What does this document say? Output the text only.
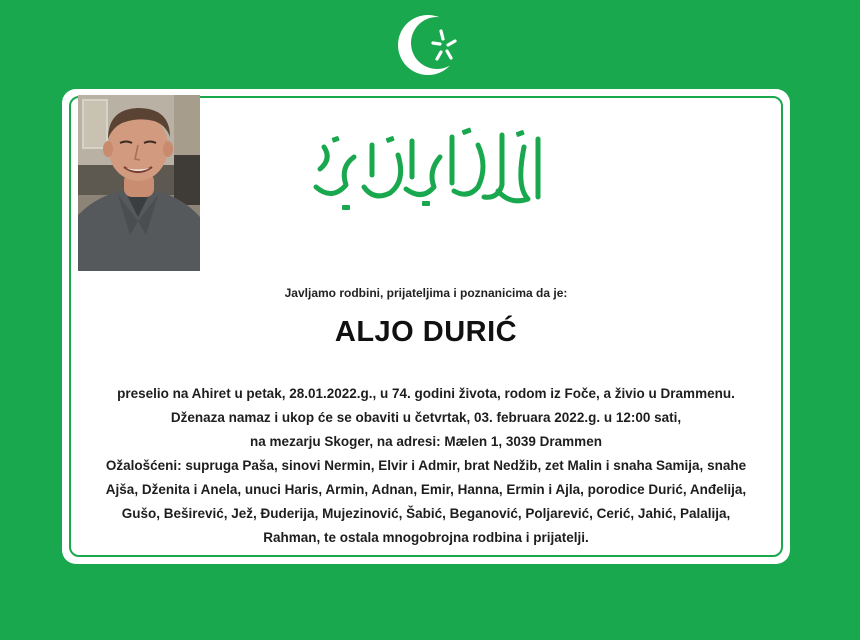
Javljamo rodbini, prijateljima i poznanicima da je:
ALJO DURIĆ
preselio na Ahiret u petak, 28.01.2022.g., u 74. godini života, rodom iz Foče, a živio u Drammenu.
Dženaza namaz i ukop će se obaviti u četvrtak, 03. februara 2022.g. u 12:00 sati,
na mezarju Skoger, na adresi: Mælen 1, 3039 Drammen
Ožalošćeni: supruga Paša, sinovi Nermin, Elvir i Admir, brat Nedžib, zet Malin i snaha Samija, snahe
Ajša, Dženita i Anela, unuci Haris, Armin, Adnan, Emir, Hanna, Ermin i Ajla, porodice Durić, Anđelija,
Gušo, Beširević, Jež, Đuderija, Mujezinović, Šabić, Beganović, Poljarević, Cerić, Jahić, Palalija,
Rahman, te ostala mnogobrojna rodbina i prijatelji.
